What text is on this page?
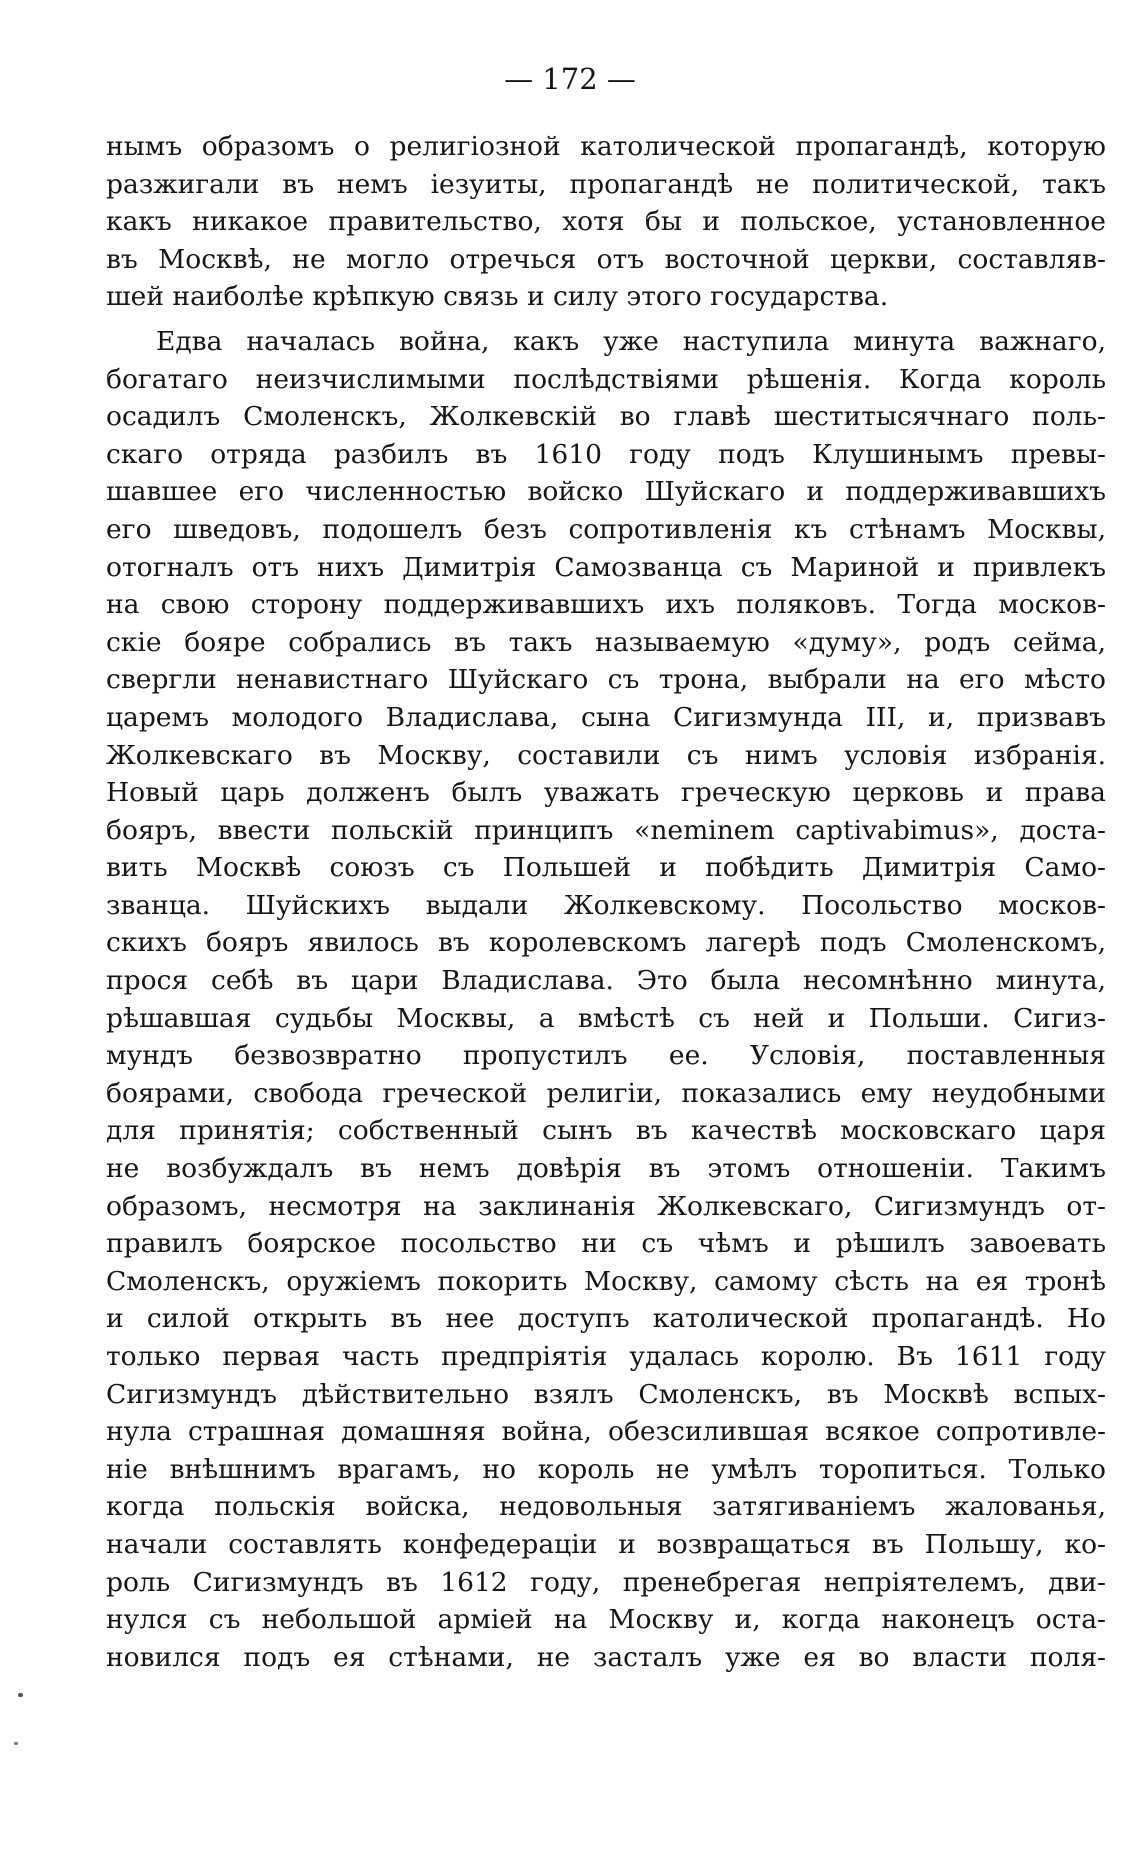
— 172 —
нымъ образомъ о религіозной католической пропагандѣ, которую
разжигали въ немъ іезуиты, пропагандѣ не политической, такъ
какъ никакое правительство, хотя бы и польское, установленное
въ Москвѣ, не могло отречься отъ восточной церкви, составляв-
шей наиболѣе крѣпкую связь и силу этого государства.
Едва началась война, какъ уже наступила минута важнаго,
богатаго неизчислимыми послѣдствіями рѣшенія. Когда король
осадилъ Смоленскъ, Жолкевскій во главѣ шеститысячнаго поль-
скаго отряда разбилъ въ 1610 году подъ Клушинымъ превы-
шавшее его численностью войско Шуйскаго и поддерживавшихъ
его шведовъ, подошелъ безъ сопротивленія къ стѣнамъ Москвы,
отогналъ отъ нихъ Димитрія Самозванца съ Мариной и привлекъ
на свою сторону поддерживавшихъ ихъ поляковъ. Тогда москов-
скіе бояре собрались въ такъ называемую «думу», родъ сейма,
свергли ненавистнаго Шуйскаго съ трона, выбрали на его мѣсто
царемъ молодого Владислава, сына Сигизмунда III, и, призвавъ
Жолкевскаго въ Москву, составили съ нимъ условія избранія.
Новый царь долженъ былъ уважать греческую церковь и права
бояръ, ввести польскій принципъ «neminem captivabimus», доста-
вить Москвѣ союзъ съ Польшей и побѣдить Димитрія Само-
званца. Шуйскихъ выдали Жолкевскому. Посольство москов-
скихъ бояръ явилось въ королевскомъ лагерѣ подъ Смоленскомъ,
прося себѣ въ цари Владислава. Это была несомнѣнно минута,
рѣшавшая судьбы Москвы, а вмѣстѣ съ ней и Польши. Сигиз-
мундъ безвозвратно пропустилъ ее. Условія, поставленныя
боярами, свобода греческой религіи, показались ему неудобными
для принятія; собственный сынъ въ качествѣ московскаго царя
не возбуждалъ въ немъ довѣрія въ этомъ отношеніи. Такимъ
образомъ, несмотря на заклинанія Жолкевскаго, Сигизмундъ от-
правилъ боярское посольство ни съ чѣмъ и рѣшилъ завоевать
Смоленскъ, оружіемъ покорить Москву, самому сѣсть на ея тронѣ
и силой открыть въ нее доступъ католической пропагандѣ. Но
только первая часть предпріятія удалась королю. Въ 1611 году
Сигизмундъ дѣйствительно взялъ Смоленскъ, въ Москвѣ вспых-
нула страшная домашняя война, обезсилившая всякое сопротивле-
ніе внѣшнимъ врагамъ, но король не умѣлъ торопиться. Только
когда польскія войска, недовольныя затягиваніемъ жалованья,
начали составлять конфедераціи и возвращаться въ Польшу, ко-
роль Сигизмундъ въ 1612 году, пренебрегая непріятелемъ, дви-
нулся съ небольшой арміей на Москву и, когда наконецъ оста-
новился подъ ея стѣнами, не засталъ уже ея во власти поля-
